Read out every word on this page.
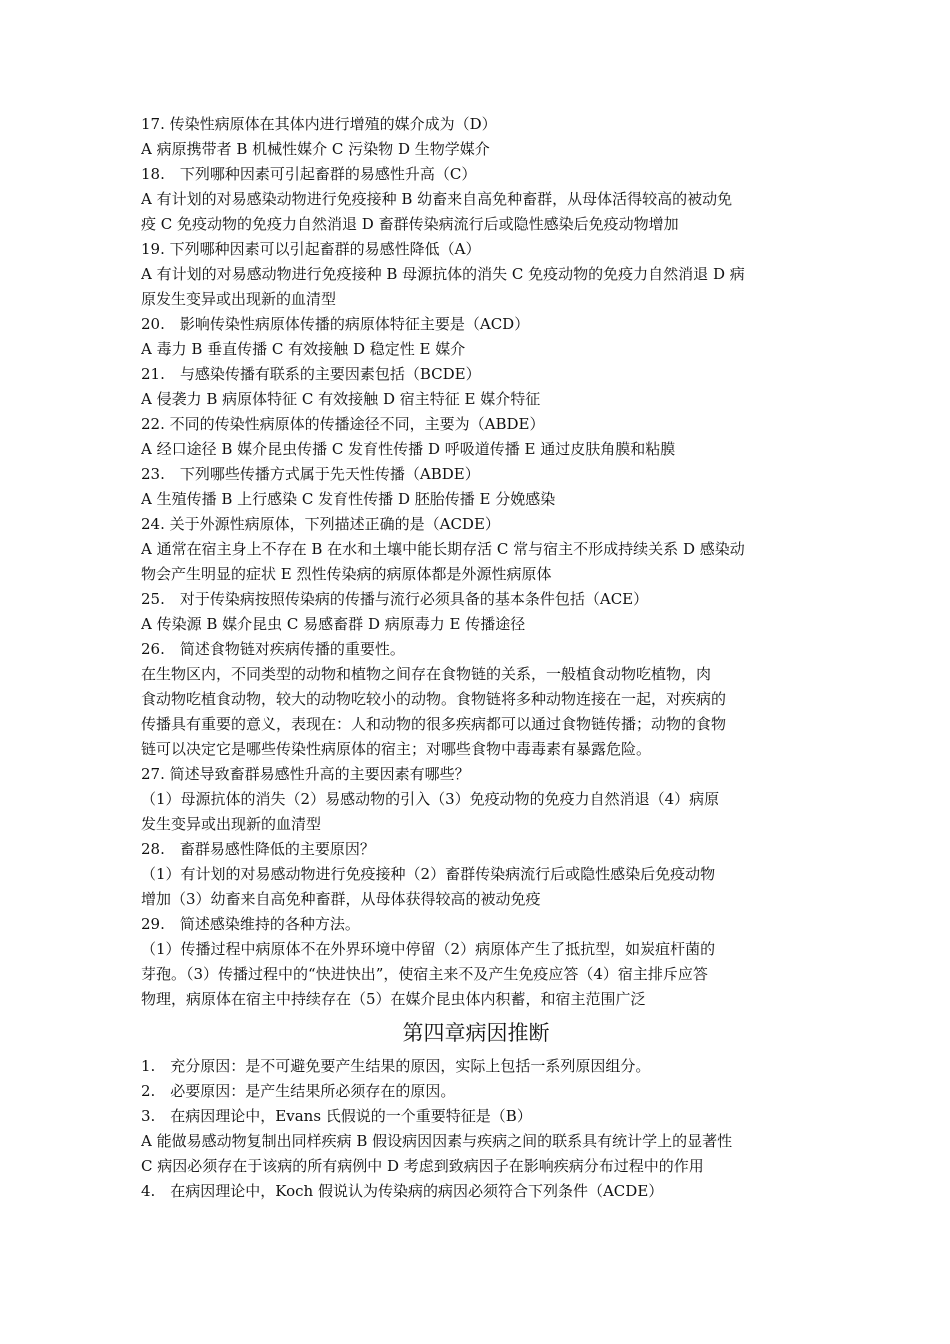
17. 传染性病原体在其体内进行增殖的媒介成为（D）
A 病原携带者 B 机械性媒介 C 污染物 D 生物学媒介
18.　下列哪种因素可引起畜群的易感性升高（C）
A 有计划的对易感染动物进行免疫接种 B 幼畜来自高免种畜群，从母体活得较高的被动免
疫 C 免疫动物的免疫力自然消退 D 畜群传染病流行后或隐性感染后免疫动物增加
19. 下列哪种因素可以引起畜群的易感性降低（A）
A 有计划的对易感动物进行免疫接种 B 母源抗体的消失 C 免疫动物的免疫力自然消退 D 病
原发生变异或出现新的血清型
20.　影响传染性病原体传播的病原体特征主要是（ACD）
A 毒力 B 垂直传播 C 有效接触 D 稳定性 E 媒介
21.　与感染传播有联系的主要因素包括（BCDE）
A 侵袭力 B 病原体特征 C 有效接触 D 宿主特征 E 媒介特征
22. 不同的传染性病原体的传播途径不同，主要为（ABDE）
A 经口途径 B 媒介昆虫传播 C 发育性传播 D 呼吸道传播 E 通过皮肤角膜和粘膜
23.　下列哪些传播方式属于先天性传播（ABDE）
A 生殖传播 B 上行感染 C 发育性传播 D 胚胎传播 E 分娩感染
24. 关于外源性病原体，下列描述正确的是（ACDE）
A 通常在宿主身上不存在 B 在水和土壤中能长期存活 C 常与宿主不形成持续关系 D 感染动
物会产生明显的症状 E 烈性传染病的病原体都是外源性病原体
25.　对于传染病按照传染病的传播与流行必须具备的基本条件包括（ACE）
A 传染源 B 媒介昆虫 C 易感畜群 D 病原毒力 E 传播途径
26.　简述食物链对疾病传播的重要性。
在生物区内，不同类型的动物和植物之间存在食物链的关系，一般植食动物吃植物，肉
食动物吃植食动物，较大的动物吃较小的动物。食物链将多种动物连接在一起，对疾病的
传播具有重要的意义，表现在：人和动物的很多疾病都可以通过食物链传播；动物的食物
链可以决定它是哪些传染性病原体的宿主；对哪些食物中毒毒素有暴露危险。
27. 简述导致畜群易感性升高的主要因素有哪些？
（1）母源抗体的消失（2）易感动物的引入（3）免疫动物的免疫力自然消退（4）病原
发生变异或出现新的血清型
28.　畜群易感性降低的主要原因？
（1）有计划的对易感动物进行免疫接种（2）畜群传染病流行后或隐性感染后免疫动物
增加（3）幼畜来自高免种畜群，从母体获得较高的被动免疫
29.　简述感染维持的各种方法。
（1）传播过程中病原体不在外界环境中停留（2）病原体产生了抵抗型，如炭疽杆菌的
芽孢。（3）传播过程中的“快进快出”，使宿主来不及产生免疫应答（4）宿主排斥应答
物理，病原体在宿主中持续存在（5）在媒介昆虫体内积蓄，和宿主范围广泛
第四章病因推断
1.　充分原因：是不可避免要产生结果的原因，实际上包括一系列原因组分。
2.　必要原因：是产生结果所必须存在的原因。
3.　在病因理论中，Evans 氏假说的一个重要特征是（B）
A 能做易感动物复制出同样疾病 B 假设病因因素与疾病之间的联系具有统计学上的显著性
C 病因必须存在于该病的所有病例中 D 考虑到致病因子在影响疾病分布过程中的作用
4.　在病因理论中，Koch 假说认为传染病的病因必须符合下列条件（ACDE）
